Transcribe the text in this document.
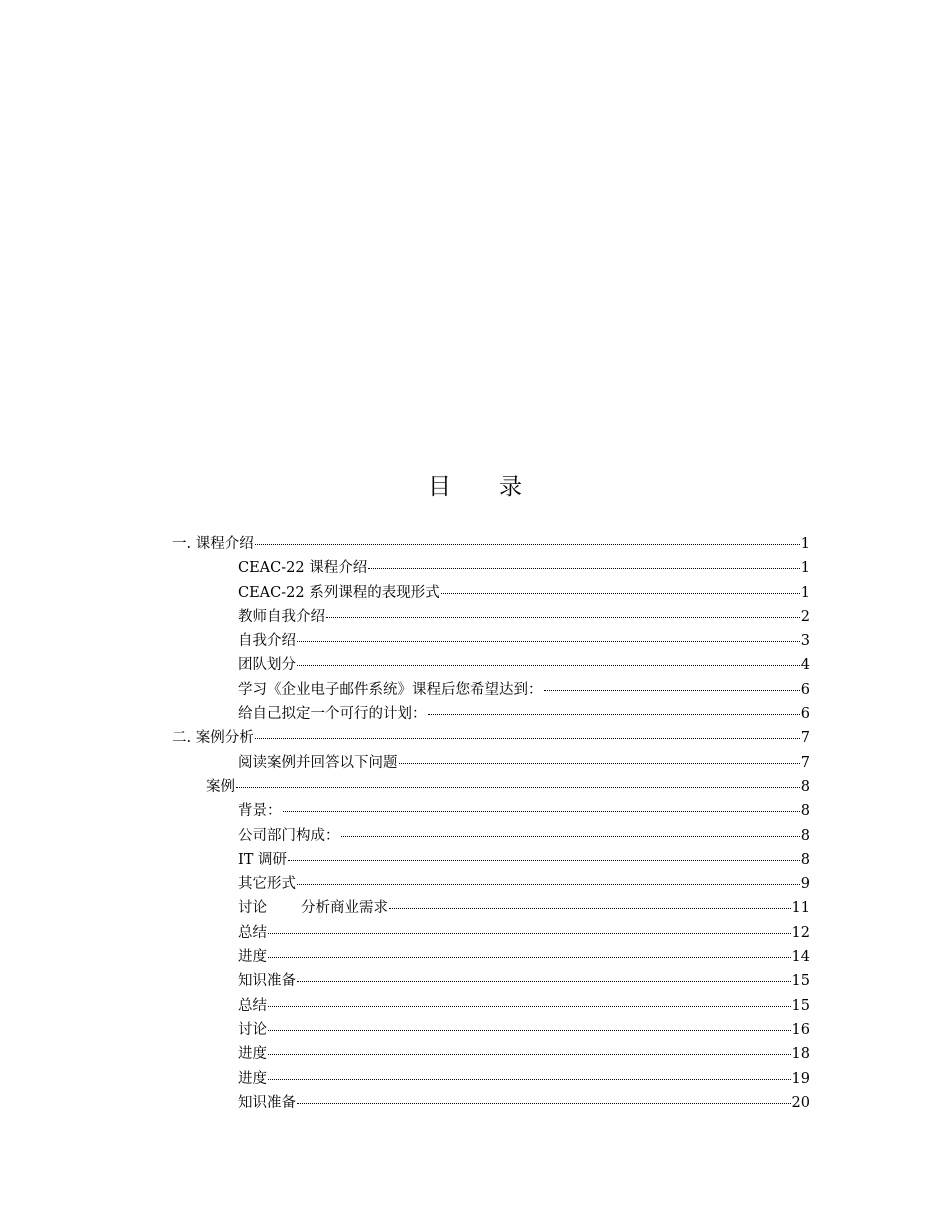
目 录
一. 课程介绍	1
CEAC-22 课程介绍	1
CEAC-22 系列课程的表现形式	1
教师自我介绍	2
自我介绍	3
团队划分	4
学习《企业电子邮件系统》课程后您希望达到：	6
给自己拟定一个可行的计划：	6
二. 案例分析	7
阅读案例并回答以下问题	7
案例	8
背景：	8
公司部门构成：	8
IT 调研	8
其它形式	9
讨论 分析商业需求	11
总结	12
进度	14
知识准备	15
总结	15
讨论	16
进度	18
进度	19
知识准备	20
